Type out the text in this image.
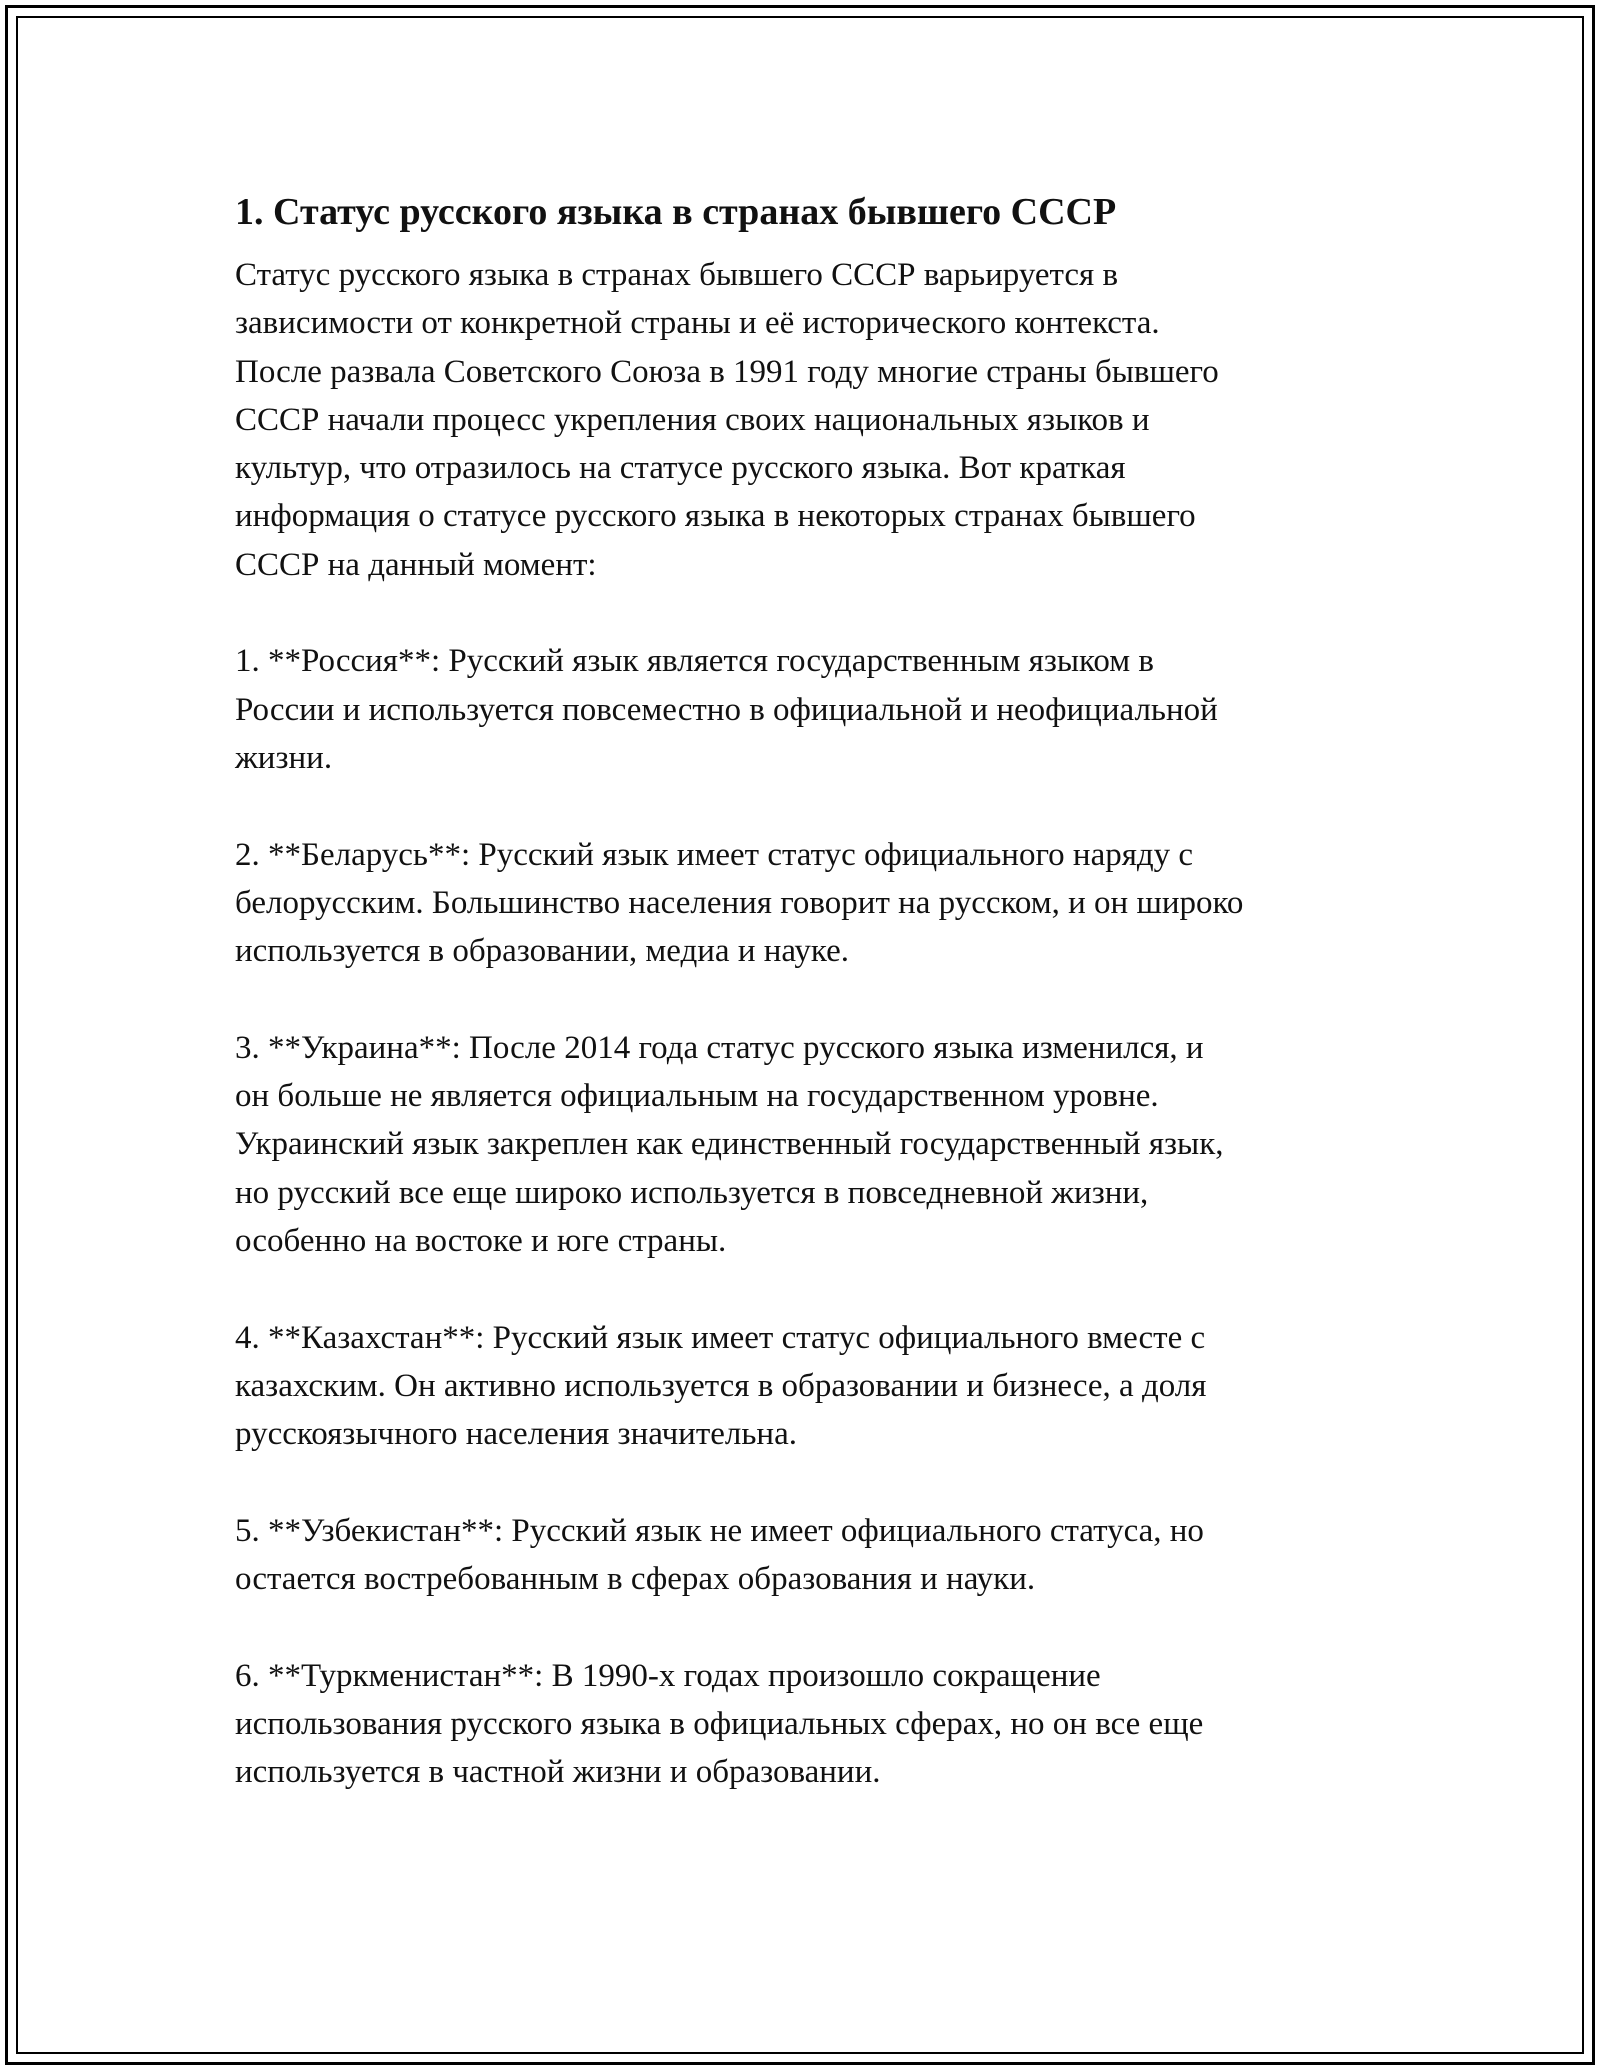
1. Статус русского языка в странах бывшего СССР
Статус русского языка в странах бывшего СССР варьируется в
зависимости от конкретной страны и её исторического контекста.
После развала Советского Союза в 1991 году многие страны бывшего
СССР начали процесс укрепления своих национальных языков и
культур, что отразилось на статусе русского языка. Вот краткая
информация о статусе русского языка в некоторых странах бывшего
СССР на данный момент:
1. **Россия**: Русский язык является государственным языком в
России и используется повсеместно в официальной и неофициальной
жизни.
2. **Беларусь**: Русский язык имеет статус официального наряду с
белорусским. Большинство населения говорит на русском, и он широко
используется в образовании, медиа и науке.
3. **Украина**: После 2014 года статус русского языка изменился, и
он больше не является официальным на государственном уровне.
Украинский язык закреплен как единственный государственный язык,
но русский все еще широко используется в повседневной жизни,
особенно на востоке и юге страны.
4. **Казахстан**: Русский язык имеет статус официального вместе с
казахским. Он активно используется в образовании и бизнесе, а доля
русскоязычного населения значительна.
5. **Узбекистан**: Русский язык не имеет официального статуса, но
остается востребованным в сферах образования и науки.
6. **Туркменистан**: В 1990-х годах произошло сокращение
использования русского языка в официальных сферах, но он все еще
используется в частной жизни и образовании.
